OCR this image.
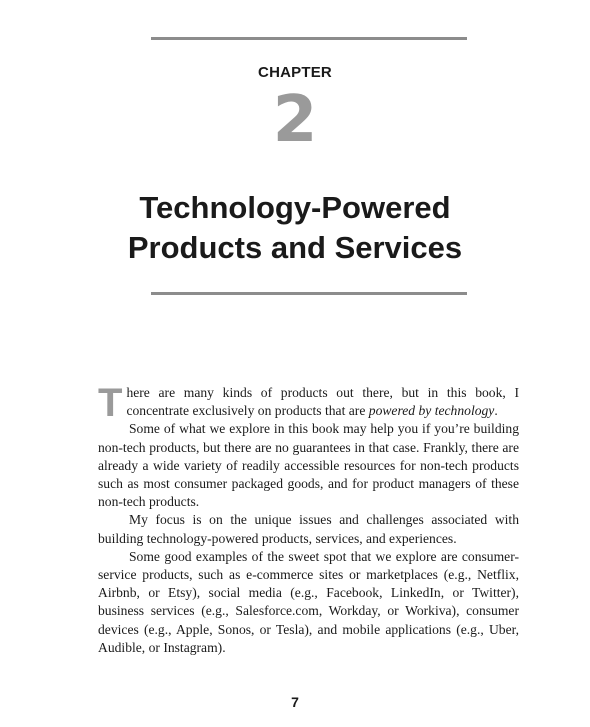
CHAPTER
2
Technology-Powered
Products and Services

There are many kinds of products out there, but in this book, I concentrate exclusively on products that are powered by technology.

Some of what we explore in this book may help you if you’re building non-tech products, but there are no guarantees in that case. Frankly, there are already a wide variety of readily accessible resources for non-tech products such as most consumer packaged goods, and for product managers of these non-tech products.

My focus is on the unique issues and challenges associated with building technology-powered products, services, and experiences.

Some good examples of the sweet spot that we explore are consumer-service products, such as e-commerce sites or marketplaces (e.g., Netflix, Airbnb, or Etsy), social media (e.g., Facebook, LinkedIn, or Twitter), business services (e.g., Salesforce.com, Workday, or Workiva), consumer devices (e.g., Apple, Sonos, or Tesla), and mobile applications (e.g., Uber, Audible, or Instagram).

7
